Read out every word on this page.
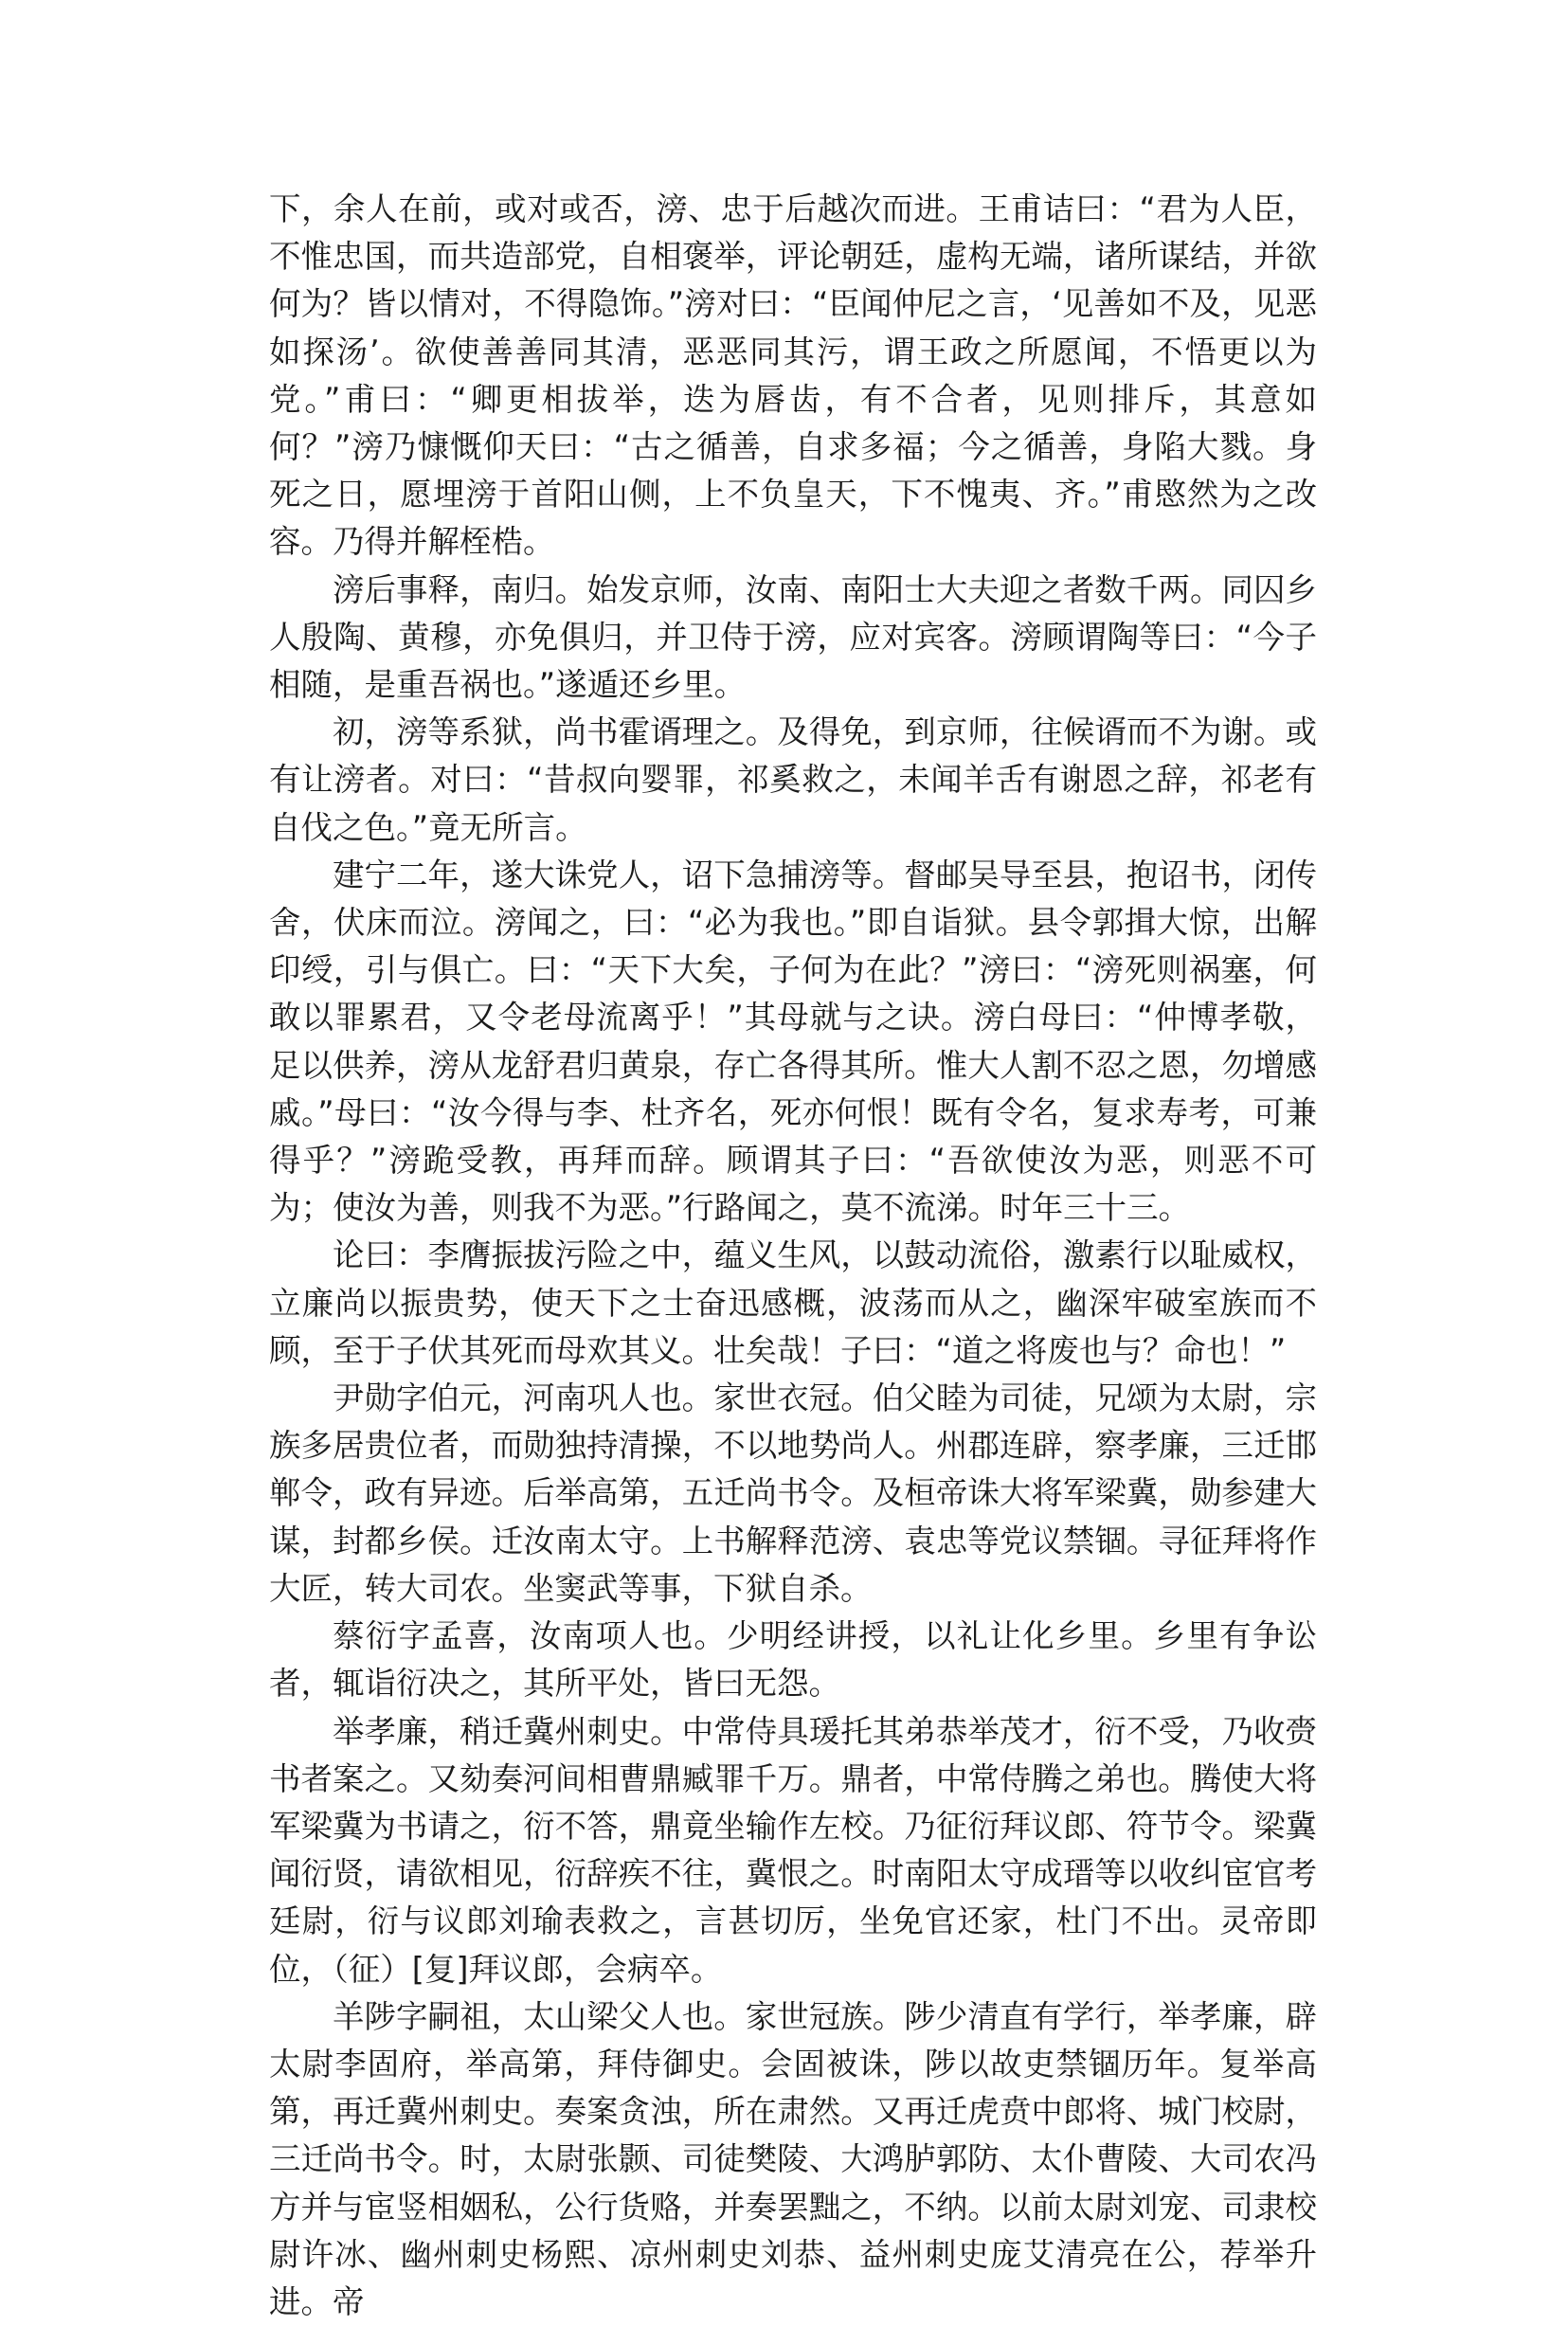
下，余人在前，或对或否，滂、忠于后越次而进。王甫诘曰：“君为人臣，不惟忠国，而共造部党，自相褒举，评论朝廷，虚构无端，诸所谋结，并欲何为？皆以情对，不得隐饰。”滂对曰：“臣闻仲尼之言，‘见善如不及，见恶如探汤’。欲使善善同其清，恶恶同其污，谓王政之所愿闻，不悟更以为党。”甫曰：“卿更相拔举，迭为唇齿，有不合者，见则排斥，其意如何？”滂乃慷慨仰天曰：“古之循善，自求多福；今之循善，身陷大戮。身死之日，愿埋滂于首阳山侧，上不负皇天，下不愧夷、齐。”甫愍然为之改容。乃得并解桎梏。

滂后事释，南归。始发京师，汝南、南阳士大夫迎之者数千两。同囚乡人殷陶、黄穆，亦免俱归，并卫侍于滂，应对宾客。滂顾谓陶等曰：“今子相随，是重吾祸也。”遂遁还乡里。

初，滂等系狱，尚书霍谞理之。及得免，到京师，往候谞而不为谢。或有让滂者。对曰：“昔叔向婴罪，祁奚救之，未闻羊舌有谢恩之辞，祁老有自伐之色。”竟无所言。

建宁二年，遂大诛党人，诏下急捕滂等。督邮吴导至县，抱诏书，闭传舍，伏床而泣。滂闻之，曰：“必为我也。”即自诣狱。县令郭揖大惊，出解印绶，引与俱亡。曰：“天下大矣，子何为在此？”滂曰：“滂死则祸塞，何敢以罪累君，又令老母流离乎！”其母就与之诀。滂白母曰：“仲博孝敬，足以供养，滂从龙舒君归黄泉，存亡各得其所。惟大人割不忍之恩，勿增感戚。”母曰：“汝今得与李、杜齐名，死亦何恨！既有令名，复求寿考，可兼得乎？”滂跪受教，再拜而辞。顾谓其子曰：“吾欲使汝为恶，则恶不可为；使汝为善，则我不为恶。”行路闻之，莫不流涕。时年三十三。

论曰：李膺振拔污险之中，蕴义生风，以鼓动流俗，激素行以耻威权，立廉尚以振贵势，使天下之士奋迅感概，波荡而从之，幽深牢破室族而不顾，至于子伏其死而母欢其义。壮矣哉！子曰：“道之将废也与？命也！”

尹勋字伯元，河南巩人也。家世衣冠。伯父睦为司徒，兄颂为太尉，宗族多居贵位者，而勋独持清操，不以地势尚人。州郡连辟，察孝廉，三迁邯郸令，政有异迹。后举高第，五迁尚书令。及桓帝诛大将军梁冀，勋参建大谋，封都乡侯。迁汝南太守。上书解释范滂、袁忠等党议禁锢。寻征拜将作大匠，转大司农。坐窦武等事，下狱自杀。

蔡衍字孟喜，汝南项人也。少明经讲授，以礼让化乡里。乡里有争讼者，辄诣衍决之，其所平处，皆曰无怨。

举孝廉，稍迁冀州刺史。中常侍具瑗托其弟恭举茂才，衍不受，乃收赍书者案之。又劾奏河间相曹鼎臧罪千万。鼎者，中常侍腾之弟也。腾使大将军梁冀为书请之，衍不答，鼎竟坐输作左校。乃征衍拜议郎、符节令。梁冀闻衍贤，请欲相见，衍辞疾不往，冀恨之。时南阳太守成瑨等以收纠宦官考廷尉，衍与议郎刘瑜表救之，言甚切厉，坐免官还家，杜门不出。灵帝即位，（征）[复]拜议郎，会病卒。

羊陟字嗣祖，太山梁父人也。家世冠族。陟少清直有学行，举孝廉，辟太尉李固府，举高第，拜侍御史。会固被诛，陟以故吏禁锢历年。复举高第，再迁冀州刺史。奏案贪浊，所在肃然。又再迁虎贲中郎将、城门校尉，三迁尚书令。时，太尉张颢、司徒樊陵、大鸿胪郭防、太仆曹陵、大司农冯方并与宦竖相姻私，公行货赂，并奏罢黜之，不纳。以前太尉刘宠、司隶校尉许冰、幽州刺史杨熙、凉州刺史刘恭、益州刺史庞艾清亮在公，荐举升进。帝
